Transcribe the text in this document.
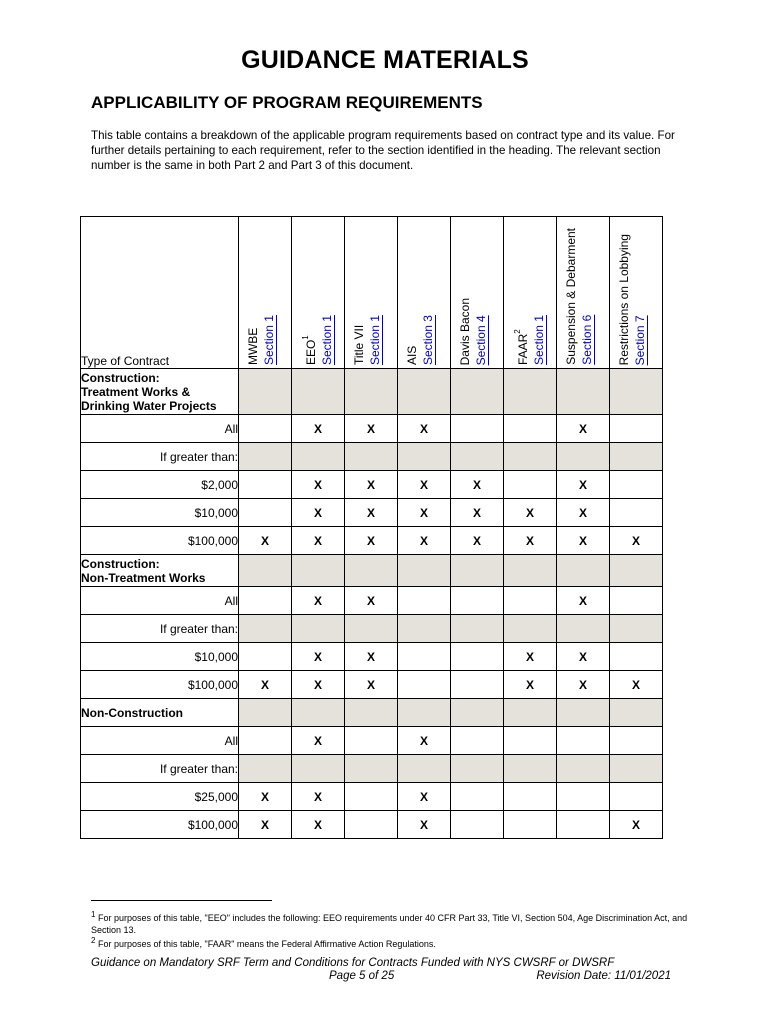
GUIDANCE MATERIALS
APPLICABILITY OF PROGRAM REQUIREMENTS
This table contains a breakdown of the applicable program requirements based on contract type and its value. For further details pertaining to each requirement, refer to the section identified in the heading. The relevant section number is the same in both Part 2 and Part 3 of this document.
Type of Contract	MWBE Section 1	EEO$^1$ Section 1	Title VII Section 1	AIS Section 3	Davis Bacon Section 4	FAAR$^2$ Section 1	Suspension & Debarment Section 6	Restrictions on Lobbying Section 7

Construction:
Treatment Works &
Drinking Water Projects								

All		X	X	X			X	
If greater than:								
$2,000		X	X	X	X		X	
$10,000		X	X	X	X	X	X	
$100,000	X	X	X	X	X	X	X	X

Construction:
Non-Treatment Works								

All		X	X				X	
If greater than:								
$10,000		X	X			X	X	
$100,000	X	X	X			X	X	X

Non-Construction								

All		X		X				
If greater than:								
$25,000	X	X		X				
$100,000	X	X		X				X
$^1$ For purposes of this table, "EEO" includes the following: EEO requirements under 40 CFR Part 33, Title VI, Section 504, Age Discrimination Act, and Section 13.
$^2$ For purposes of this table, "FAAR" means the Federal Affirmative Action Regulations.
Guidance on Mandatory SRF Term and Conditions for Contracts Funded with NYS CWSRF or DWSRF
Page 5 of 25	Revision Date: 11/01/2021
